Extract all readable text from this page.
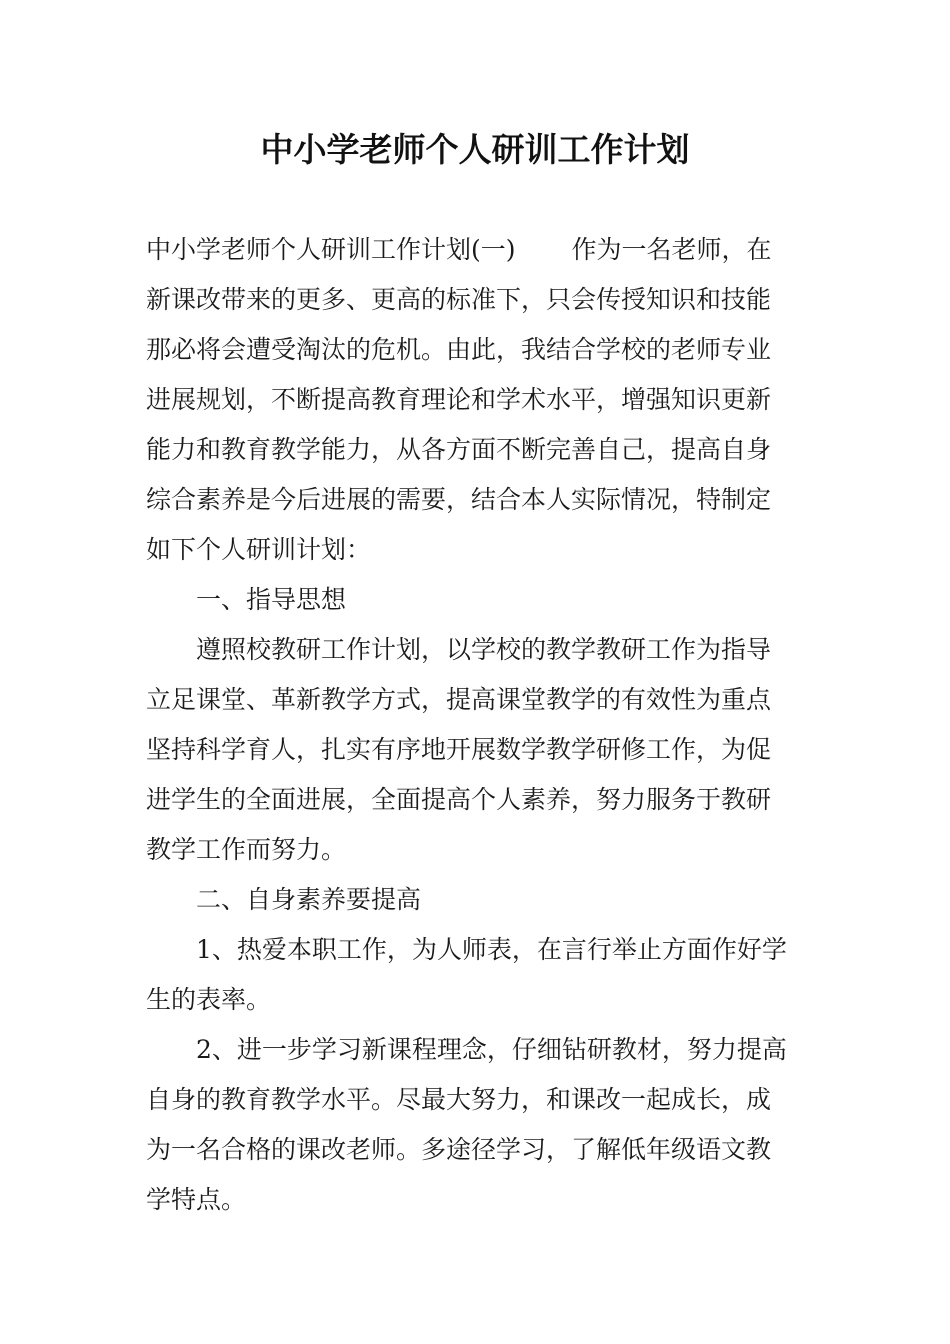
中小学老师个人研训工作计划
中小学老师个人研训工作计划(一) 作为一名老师，在
新课改带来的更多、更高的标准下，只会传授知识和技能
那必将会遭受淘汰的危机。由此，我结合学校的老师专业
进展规划，不断提高教育理论和学术水平，增强知识更新
能力和教育教学能力，从各方面不断完善自己，提高自身
综合素养是今后进展的需要，结合本人实际情况，特制定
如下个人研训计划：
一、指导思想
遵照校教研工作计划，以学校的教学教研工作为指导
立足课堂、革新教学方式，提高课堂教学的有效性为重点
坚持科学育人，扎实有序地开展数学教学研修工作，为促
进学生的全面进展，全面提高个人素养，努力服务于教研
教学工作而努力。
二、自身素养要提高
1、热爱本职工作，为人师表，在言行举止方面作好学
生的表率。
2、进一步学习新课程理念，仔细钻研教材，努力提高
自身的教育教学水平。尽最大努力，和课改一起成长，成
为一名合格的课改老师。多途径学习，了解低年级语文教
学特点。
